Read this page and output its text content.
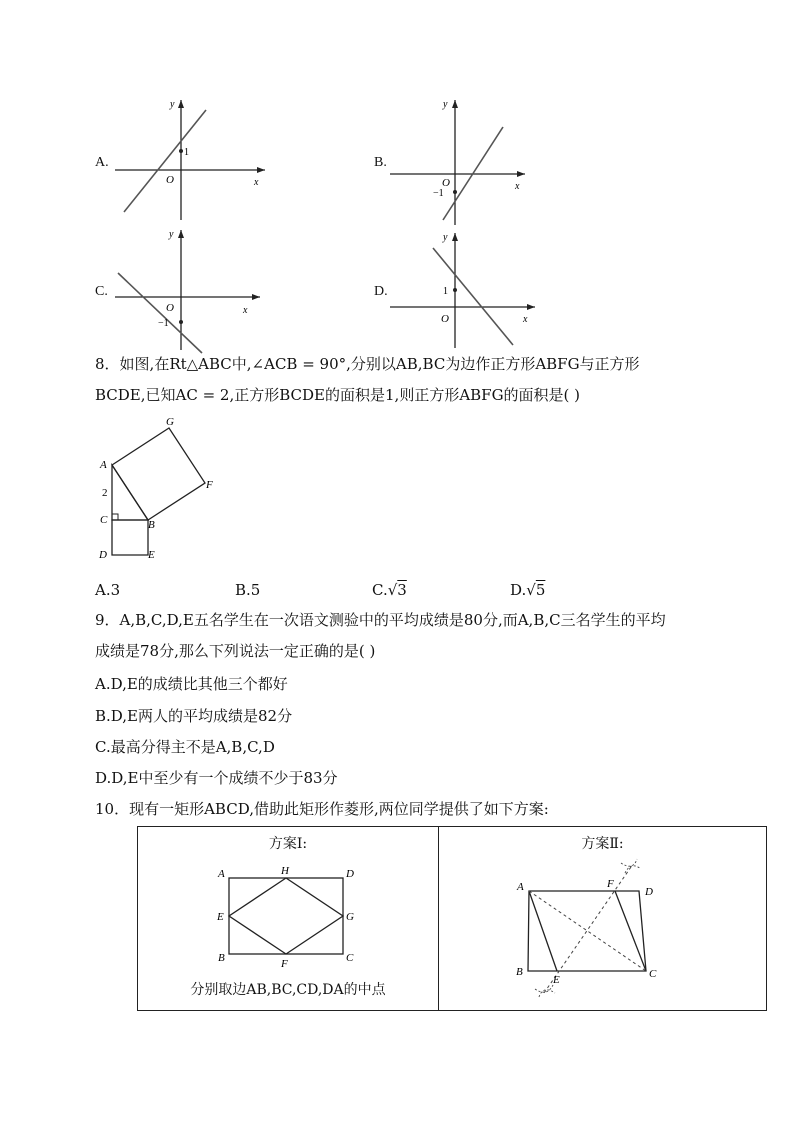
A.
y
1
O	x
B.
y
−1
O	x
C.
y
−1
O	x
D.
y
1
O	x
8．如图,在Rt△ABC中,∠ACB = 90°,分别以AB,BC为边作正方形ABFG与正方形
BCDE,已知AC = 2,正方形BCDE的面积是1,则正方形ABFG的面积是( )
A
G
F
B
C
D	E
2
A.3	B.5	C.√3	D.√5
9．A,B,C,D,E五名学生在一次语文测验中的平均成绩是80分,而A,B,C三名学生的平均
成绩是78分,那么下列说法一定正确的是( )
A.D,E的成绩比其他三个都好
B.D,E两人的平均成绩是82分
C.最高分得主不是A,B,C,D
D.D,E中至少有一个成绩不少于83分
10．现有一矩形ABCD,借助此矩形作菱形,两位同学提供了如下方案:
方案Ⅰ:
A	H	D
E	G
B	F	C
分别取边AB,BC,CD,DA的中点

方案Ⅱ:
A	F
D
B
E	C
